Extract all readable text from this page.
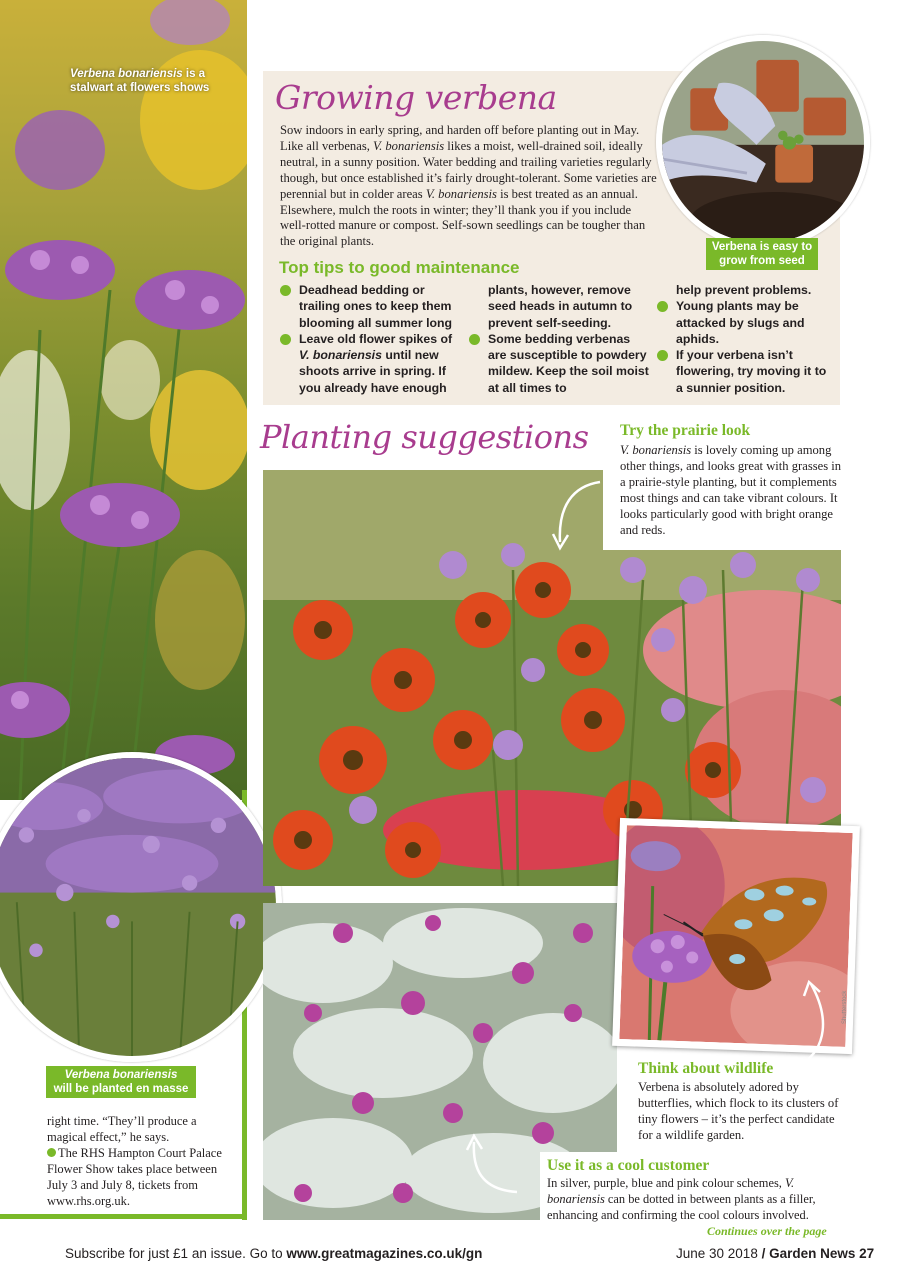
Verbena bonariensis is a stalwart at flowers shows
Verbena bonariensis
will be planted en masse
right time. “They’ll produce a magical effect,” he says.
The RHS Hampton Court Palace Flower Show takes place between July 3 and July 8, tickets from www.rhs.org.uk.
Growing verbena
Sow indoors in early spring, and harden off before planting out in May. Like all verbenas, V. bonariensis likes a moist, well-drained soil, ideally neutral, in a sunny position. Water bedding and trailing varieties regularly though, but once established it’s fairly drought-tolerant. Some varieties are perennial but in colder areas V. bonariensis is best treated as an annual. Elsewhere, mulch the roots in winter; they’ll thank you if you include well-rotted manure or compost. Self-sown seedlings can be tougher than the original plants.	Verbena is easy to grow from seed
Top tips to good maintenance
Deadhead bedding or trailing ones to keep them blooming all summer long
Leave old flower spikes of V. bonariensis until new shoots arrive in spring. If you already have enough
plants, however, remove seed heads in autumn to prevent self-seeding.
Some bedding verbenas are susceptible to powdery mildew. Keep the soil moist at all times to
help prevent problems.
Young plants may be attacked by slugs and aphids.
If your verbena isn’t flowering, try moving it to a sunnier position.
Planting suggestions Try the prairie look
V. bonariensis is lovely coming up among other things, and looks great with grasses in a prairie-style planting, but it complements most things and can take vibrant colours. It looks particularly good with bright orange and reds.
Use it as a cool customer
In silver, purple, blue and pink colour schemes, V. bonariensis can be dotted in between plants as a filler, enhancing and confirming the cool colours involved.
Shutterstock
Think about wildlife
Verbena is absolutely adored by butterflies, which flock to its clusters of tiny flowers – it’s the perfect candidate for a wildlife garden.
Continues over the page
Subscribe for just £1 an issue. Go to www.greatmagazines.co.uk/gn	June 30 2018 / Garden News 27
